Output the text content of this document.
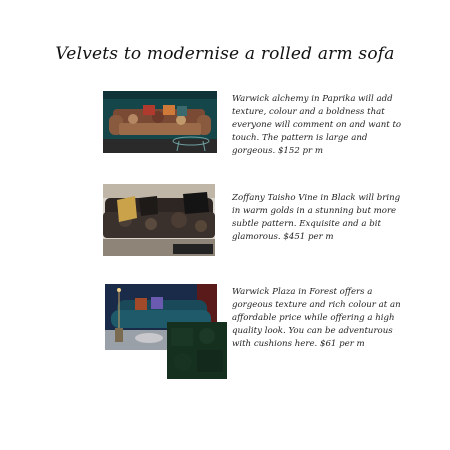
Velvets to modernise a rolled arm sofa
Warwick alchemy in Paprika will add texture, colour and a boldness that everyone will comment on and want to touch. The pattern is large and gorgeous. $152 pr m
Zoffany Taisho Vine in Black will bring in warm golds in a stunning but more subtle pattern. Exquisite and a bit glamorous. $451 per m
Warwick Plaza in Forest offers a gorgeous texture and rich colour at an affordable price while offering a high quality look. You can be adventurous with cushions here. $61 per m
